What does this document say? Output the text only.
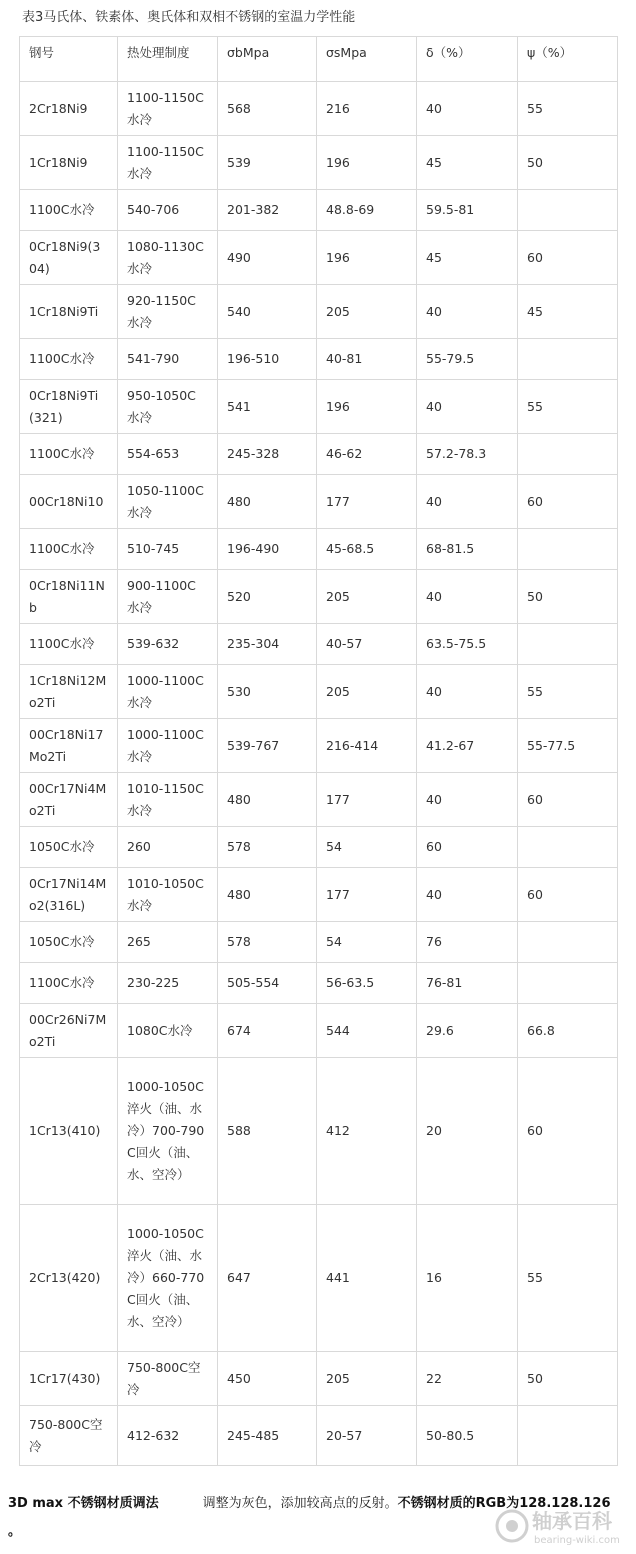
表3马氏体、铁素体、奥氏体和双相不锈钢的室温力学性能
钢号	热处理制度	σbMpa	σsMpa	δ（%）	ψ（%）
2Cr18Ni9	1100-1150C水冷	568	216	40	55
1Cr18Ni9	1100-1150C水冷	539	196	45	50
1100C水冷	540-706	201-382	48.8-69	59.5-81	
0Cr18Ni9(304)	1080-1130C水冷	490	196	45	60
1Cr18Ni9Ti	920-1150C水冷	540	205	40	45
1100C水冷	541-790	196-510	40-81	55-79.5	
0Cr18Ni9Ti(321)	950-1050C水冷	541	196	40	55
1100C水冷	554-653	245-328	46-62	57.2-78.3	
00Cr18Ni10	1050-1100C水冷	480	177	40	60
1100C水冷	510-745	196-490	45-68.5	68-81.5	
0Cr18Ni11Nb	900-1100C水冷	520	205	40	50
1100C水冷	539-632	235-304	40-57	63.5-75.5	
1Cr18Ni12Mo2Ti	1000-1100C水冷	530	205	40	55
00Cr18Ni17Mo2Ti	1000-1100C水冷	539-767	216-414	41.2-67	55-77.5
00Cr17Ni4Mo2Ti	1010-1150C水冷	480	177	40	60
1050C水冷	260	578	54	60	
0Cr17Ni14Mo2(316L)	1010-1050C水冷	480	177	40	60
1050C水冷	265	578	54	76	
1100C水冷	230-225	505-554	56-63.5	76-81	
00Cr26Ni7Mo2Ti	1080C水冷	674	544	29.6	66.8
1Cr13(410)	1000-1050C淬火（油、水冷）700-790C回火（油、水、空冷）	588	412	20	60
2Cr13(420)	1000-1050C淬火（油、水冷）660-770C回火（油、水、空冷）	647	441	16	55
1Cr17(430)	750-800C空冷	450	205	22	50
750-800C空冷	412-632	245-485	20-57	50-80.5	
3D max 不锈钢材质调法	调整为灰色，添加较高点的反射。不锈钢材质的RGB为128.128.126 。	轴承百科
bearing-wiki.com
